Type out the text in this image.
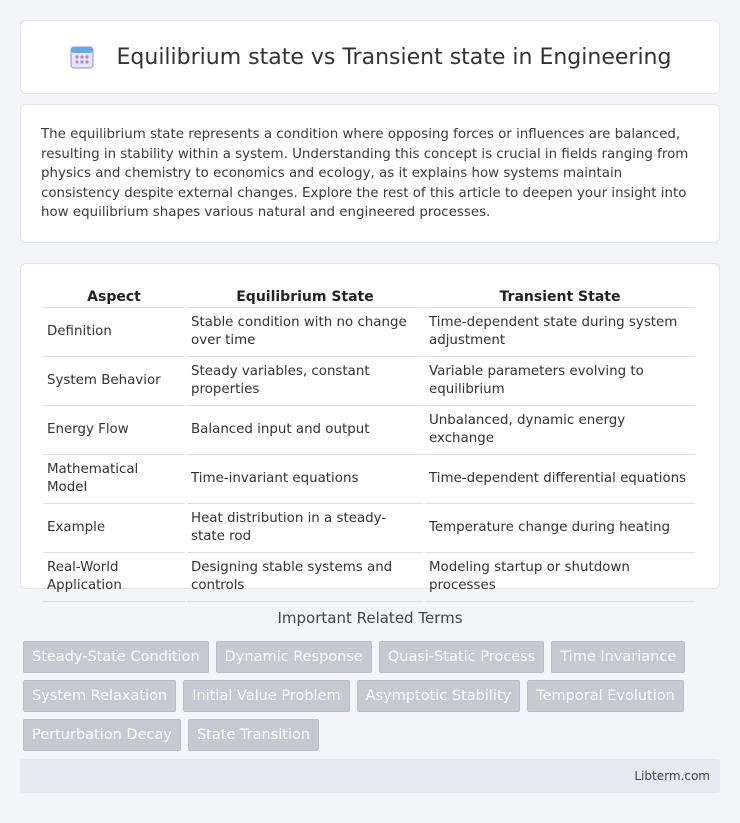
Equilibrium state vs Transient state in Engineering

The equilibrium state represents a condition where opposing forces or influences are balanced, resulting in stability within a system. Understanding this concept is crucial in fields ranging from physics and chemistry to economics and ecology, as it explains how systems maintain consistency despite external changes. Explore the rest of this article to deepen your insight into how equilibrium shapes various natural and engineered processes.

Aspect	Equilibrium State	Transient State
Definition	Stable condition with no change over time	Time-dependent state during system adjustment
System Behavior	Steady variables, constant properties	Variable parameters evolving to equilibrium
Energy Flow	Balanced input and output	Unbalanced, dynamic energy exchange
Mathematical Model	Time-invariant equations	Time-dependent differential equations
Example	Heat distribution in a steady-state rod	Temperature change during heating
Real-World Application	Designing stable systems and controls	Modeling startup or shutdown processes
Important Related Terms
Steady-State Condition	Dynamic Response	Quasi-Static Process	Time Invariance
System Relaxation	Initial Value Problem	Asymptotic Stability	Temporal Evolution
Perturbation Decay	State Transition
Libterm.com
